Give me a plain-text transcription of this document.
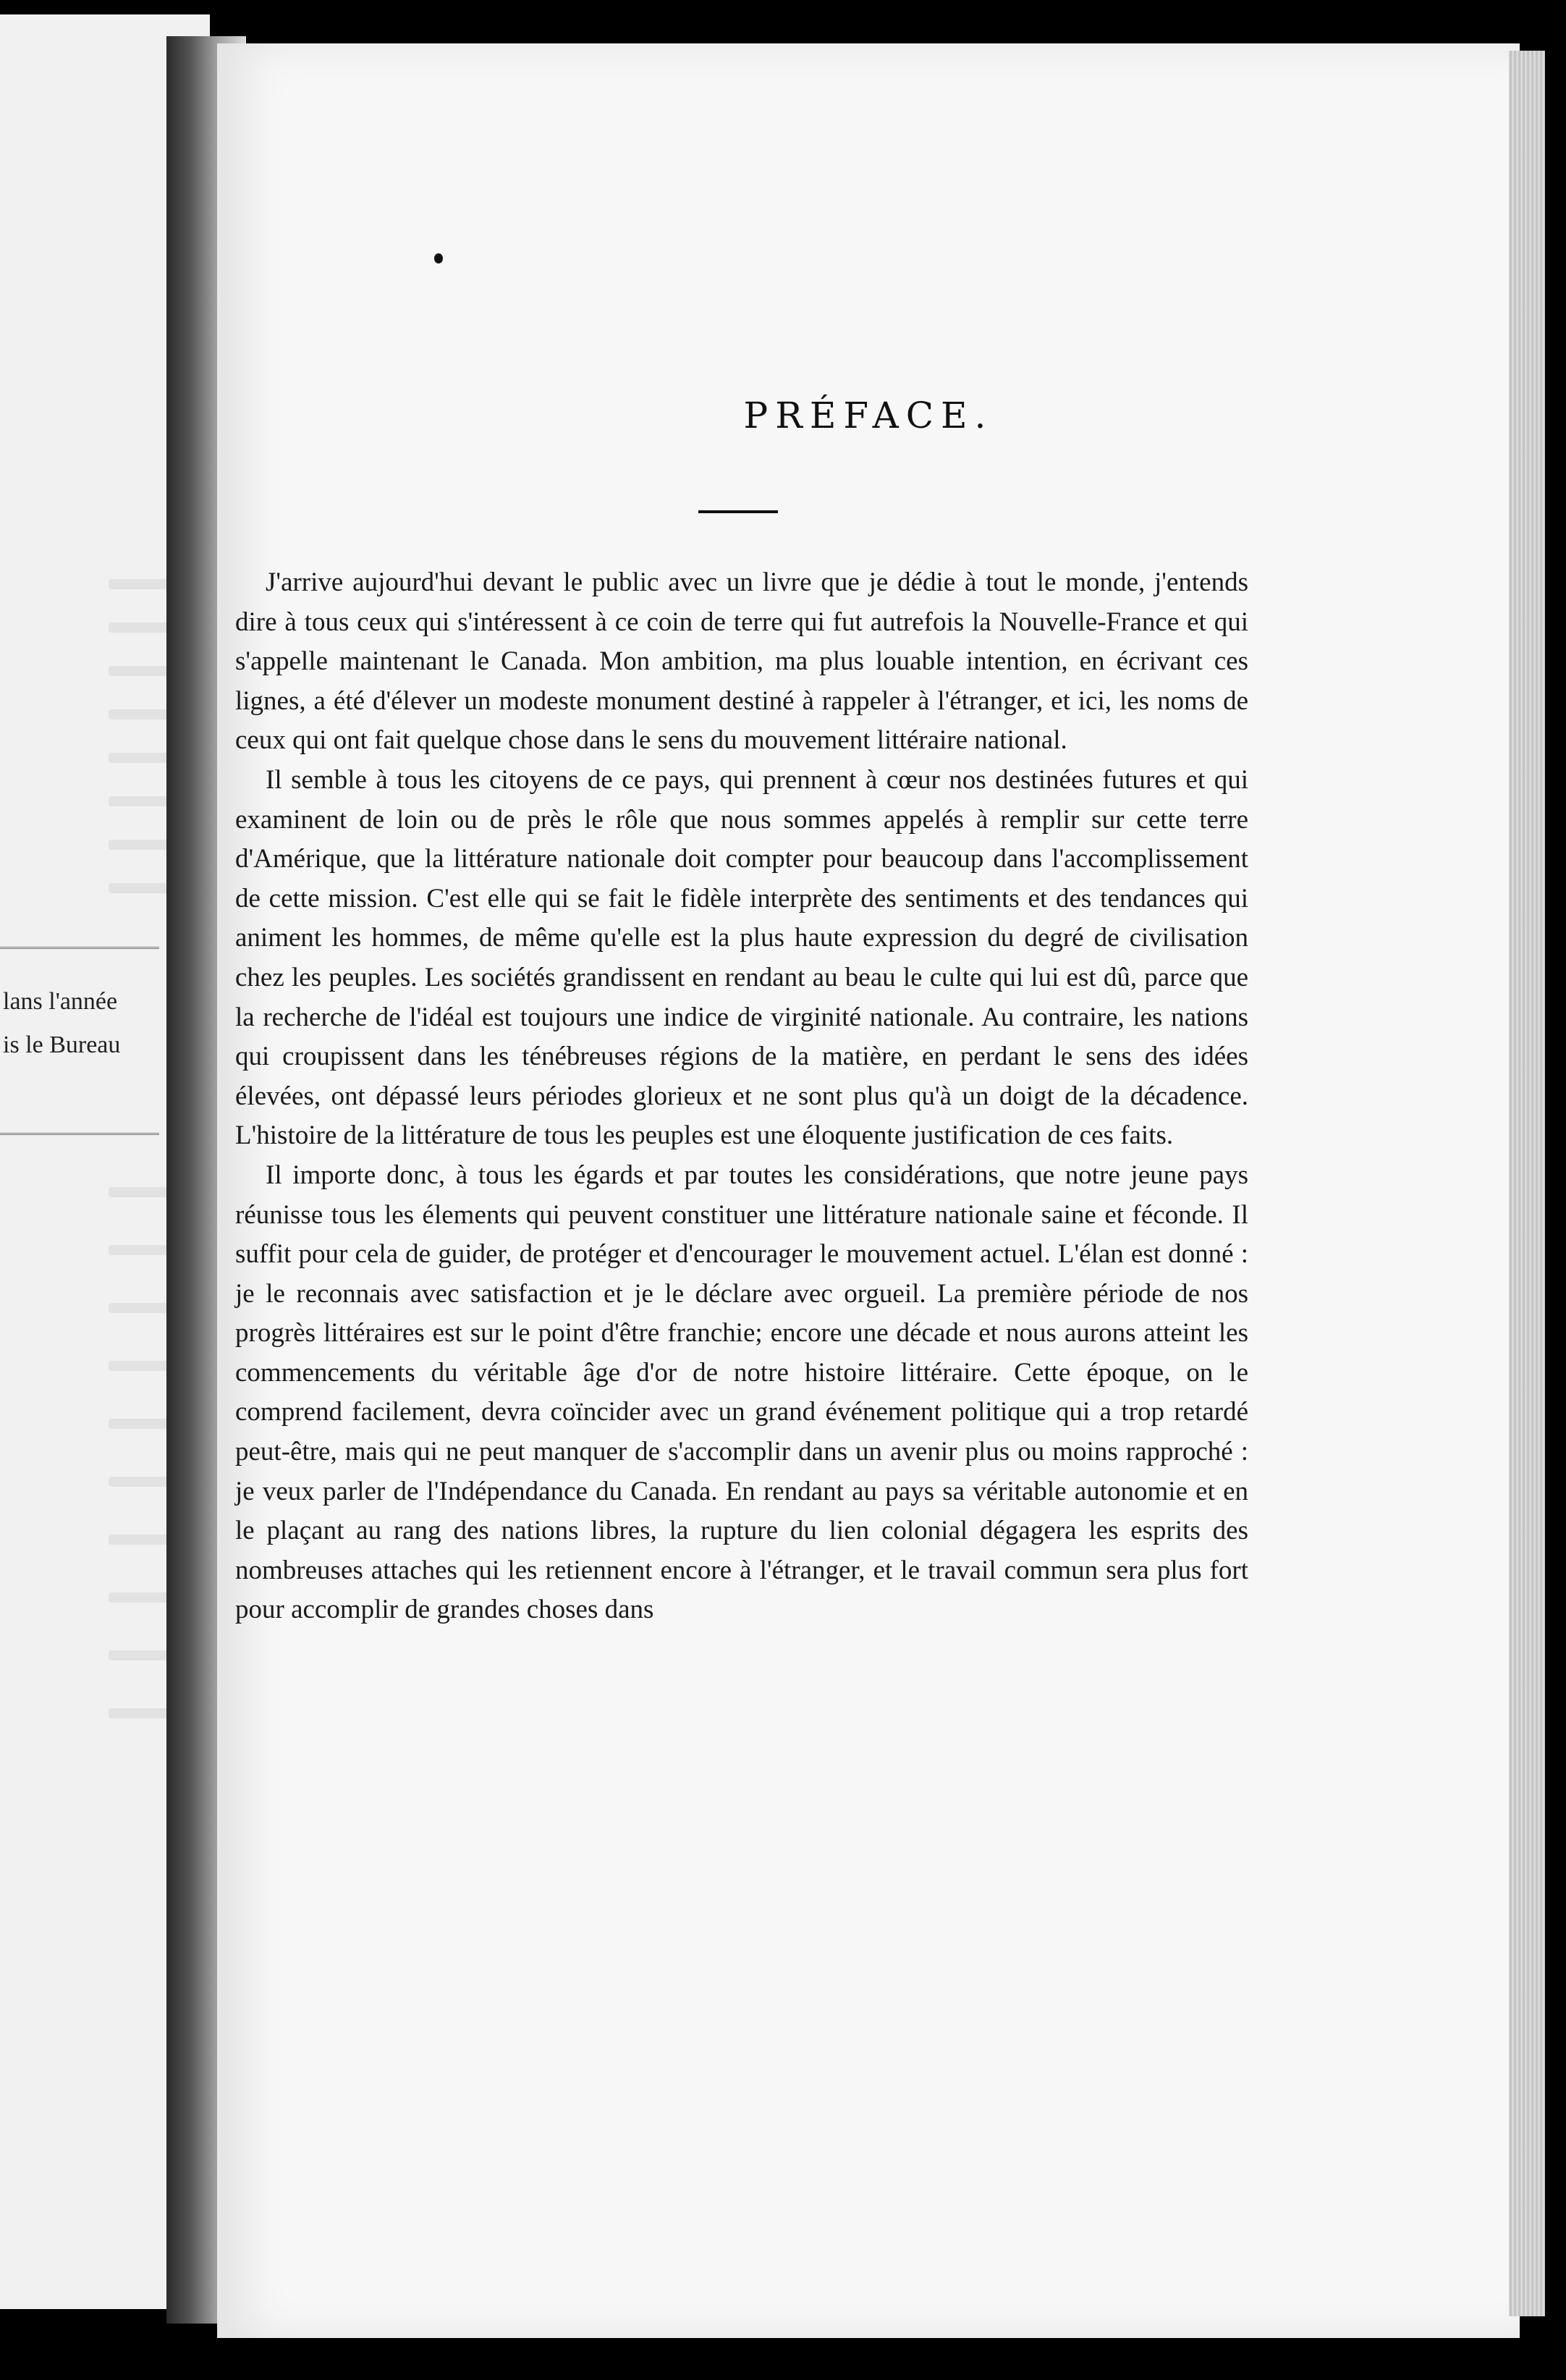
lans l'année
is le Bureau
PRÉFACE.

J'arrive aujourd'hui devant le public avec un livre que je dédie à tout le monde, j'entends dire à tous ceux qui s'intéressent à ce coin de terre qui fut autrefois la Nouvelle-France et qui s'appelle maintenant le Canada. Mon ambition, ma plus louable intention, en écrivant ces lignes, a été d'élever un modeste monument destiné à rappeler à l'étranger, et ici, les noms de ceux qui ont fait quelque chose dans le sens du mouvement littéraire national.

Il semble à tous les citoyens de ce pays, qui prennent à cœur nos destinées futures et qui examinent de loin ou de près le rôle que nous sommes appelés à remplir sur cette terre d'Amérique, que la littérature nationale doit compter pour beaucoup dans l'accomplissement de cette mission. C'est elle qui se fait le fidèle interprète des sentiments et des tendances qui animent les hommes, de même qu'elle est la plus haute expression du degré de civilisation chez les peuples. Les sociétés grandissent en rendant au beau le culte qui lui est dû, parce que la recherche de l'idéal est toujours une indice de virginité nationale. Au contraire, les nations qui croupissent dans les ténébreuses régions de la matière, en perdant le sens des idées élevées, ont dépassé leurs périodes glorieux et ne sont plus qu'à un doigt de la décadence. L'histoire de la littérature de tous les peuples est une éloquente justification de ces faits.

Il importe donc, à tous les égards et par toutes les considérations, que notre jeune pays réunisse tous les élements qui peuvent constituer une littérature nationale saine et féconde. Il suffit pour cela de guider, de protéger et d'encourager le mouvement actuel. L'élan est donné : je le reconnais avec satisfaction et je le déclare avec orgueil. La première période de nos progrès littéraires est sur le point d'être franchie; encore une décade et nous aurons atteint les commencements du véritable âge d'or de notre histoire littéraire. Cette époque, on le comprend facilement, devra coïncider avec un grand événement politique qui a trop retardé peut-être, mais qui ne peut manquer de s'accomplir dans un avenir plus ou moins rapproché : je veux parler de l'Indépendance du Canada. En rendant au pays sa véritable autonomie et en le plaçant au rang des nations libres, la rupture du lien colonial dégagera les esprits des nombreuses attaches qui les retiennent encore à l'étranger, et le travail commun sera plus fort pour accomplir de grandes choses dans
